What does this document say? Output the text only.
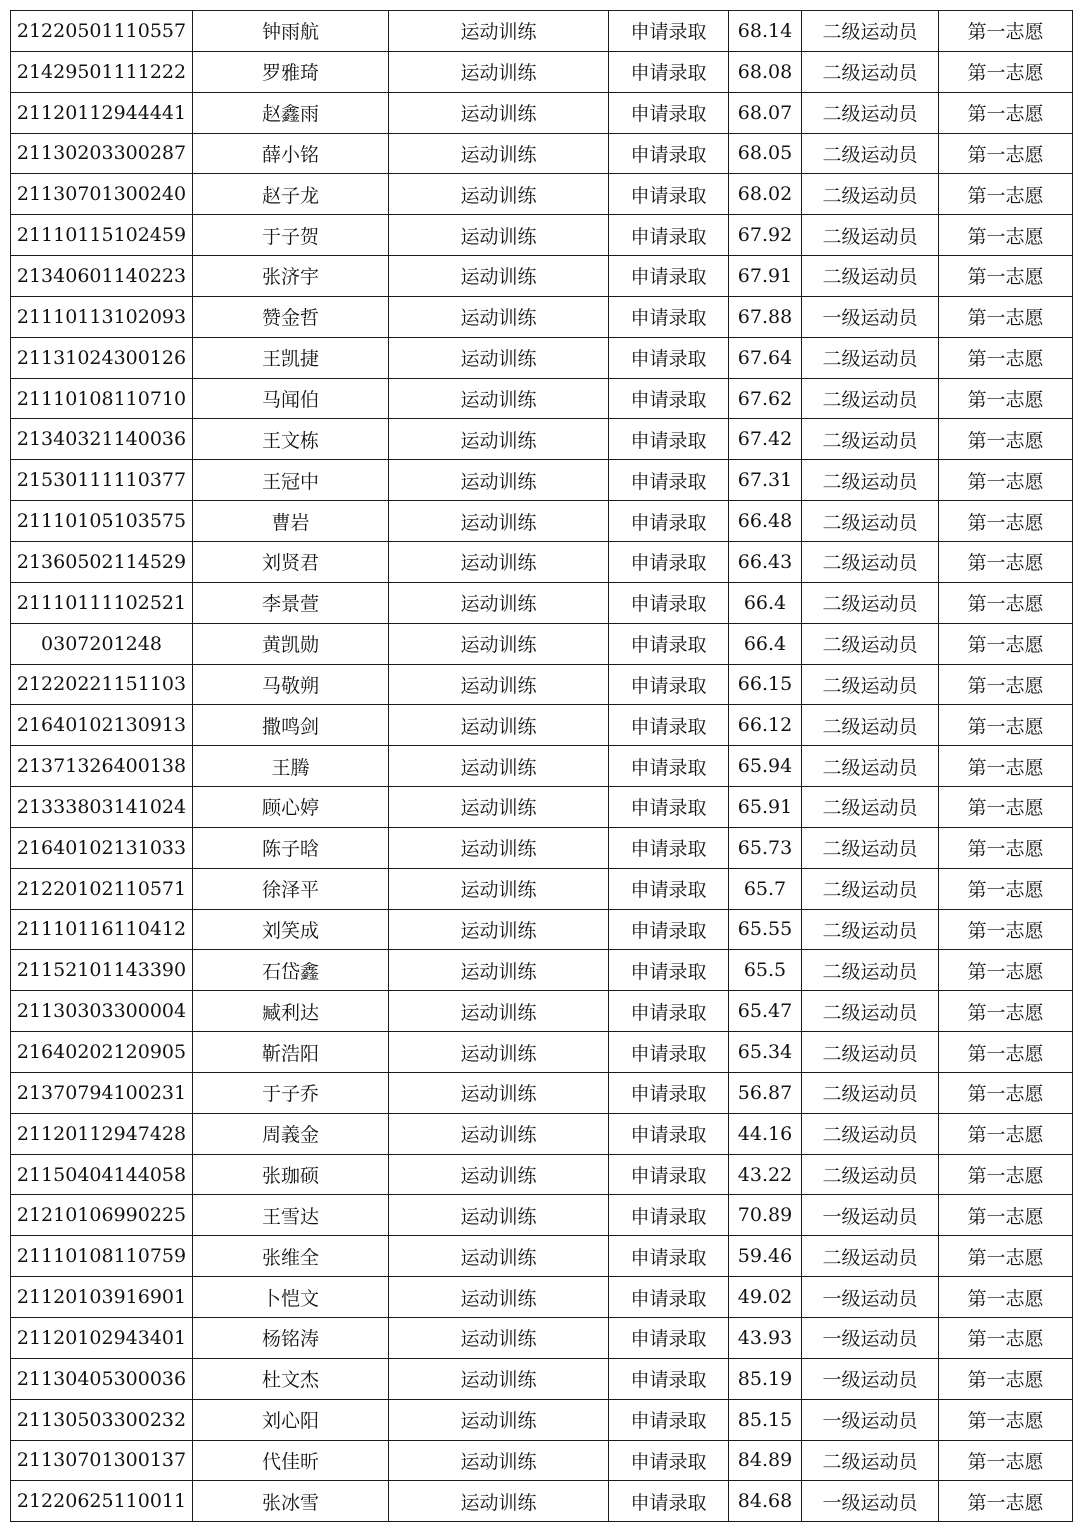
21220501110557	钟雨航	运动训练	申请录取	68.14	二级运动员	第一志愿
21429501111222	罗雅琦	运动训练	申请录取	68.08	二级运动员	第一志愿
21120112944441	赵鑫雨	运动训练	申请录取	68.07	二级运动员	第一志愿
21130203300287	薛小铭	运动训练	申请录取	68.05	二级运动员	第一志愿
21130701300240	赵子龙	运动训练	申请录取	68.02	二级运动员	第一志愿
21110115102459	于子贺	运动训练	申请录取	67.92	二级运动员	第一志愿
21340601140223	张济宇	运动训练	申请录取	67.91	二级运动员	第一志愿
21110113102093	赞金哲	运动训练	申请录取	67.88	一级运动员	第一志愿
21131024300126	王凯捷	运动训练	申请录取	67.64	二级运动员	第一志愿
21110108110710	马闻伯	运动训练	申请录取	67.62	二级运动员	第一志愿
21340321140036	王文栋	运动训练	申请录取	67.42	二级运动员	第一志愿
21530111110377	王冠中	运动训练	申请录取	67.31	二级运动员	第一志愿
21110105103575	曹岩	运动训练	申请录取	66.48	二级运动员	第一志愿
21360502114529	刘贤君	运动训练	申请录取	66.43	二级运动员	第一志愿
21110111102521	李景萱	运动训练	申请录取	66.4	二级运动员	第一志愿
0307201248	黄凯勋	运动训练	申请录取	66.4	二级运动员	第一志愿
21220221151103	马敬朔	运动训练	申请录取	66.15	二级运动员	第一志愿
21640102130913	撒鸣剑	运动训练	申请录取	66.12	二级运动员	第一志愿
21371326400138	王腾	运动训练	申请录取	65.94	二级运动员	第一志愿
21333803141024	顾心婷	运动训练	申请录取	65.91	二级运动员	第一志愿
21640102131033	陈子晗	运动训练	申请录取	65.73	二级运动员	第一志愿
21220102110571	徐泽平	运动训练	申请录取	65.7	二级运动员	第一志愿
21110116110412	刘笑成	运动训练	申请录取	65.55	二级运动员	第一志愿
21152101143390	石岱鑫	运动训练	申请录取	65.5	二级运动员	第一志愿
21130303300004	臧利达	运动训练	申请录取	65.47	二级运动员	第一志愿
21640202120905	靳浩阳	运动训练	申请录取	65.34	二级运动员	第一志愿
21370794100231	于子乔	运动训练	申请录取	56.87	二级运动员	第一志愿
21120112947428	周義金	运动训练	申请录取	44.16	二级运动员	第一志愿
21150404144058	张珈硕	运动训练	申请录取	43.22	二级运动员	第一志愿
21210106990225	王雪达	运动训练	申请录取	70.89	一级运动员	第一志愿
21110108110759	张维全	运动训练	申请录取	59.46	二级运动员	第一志愿
21120103916901	卜恺文	运动训练	申请录取	49.02	一级运动员	第一志愿
21120102943401	杨铭涛	运动训练	申请录取	43.93	一级运动员	第一志愿
21130405300036	杜文杰	运动训练	申请录取	85.19	一级运动员	第一志愿
21130503300232	刘心阳	运动训练	申请录取	85.15	一级运动员	第一志愿
21130701300137	代佳昕	运动训练	申请录取	84.89	二级运动员	第一志愿
21220625110011	张冰雪	运动训练	申请录取	84.68	一级运动员	第一志愿
